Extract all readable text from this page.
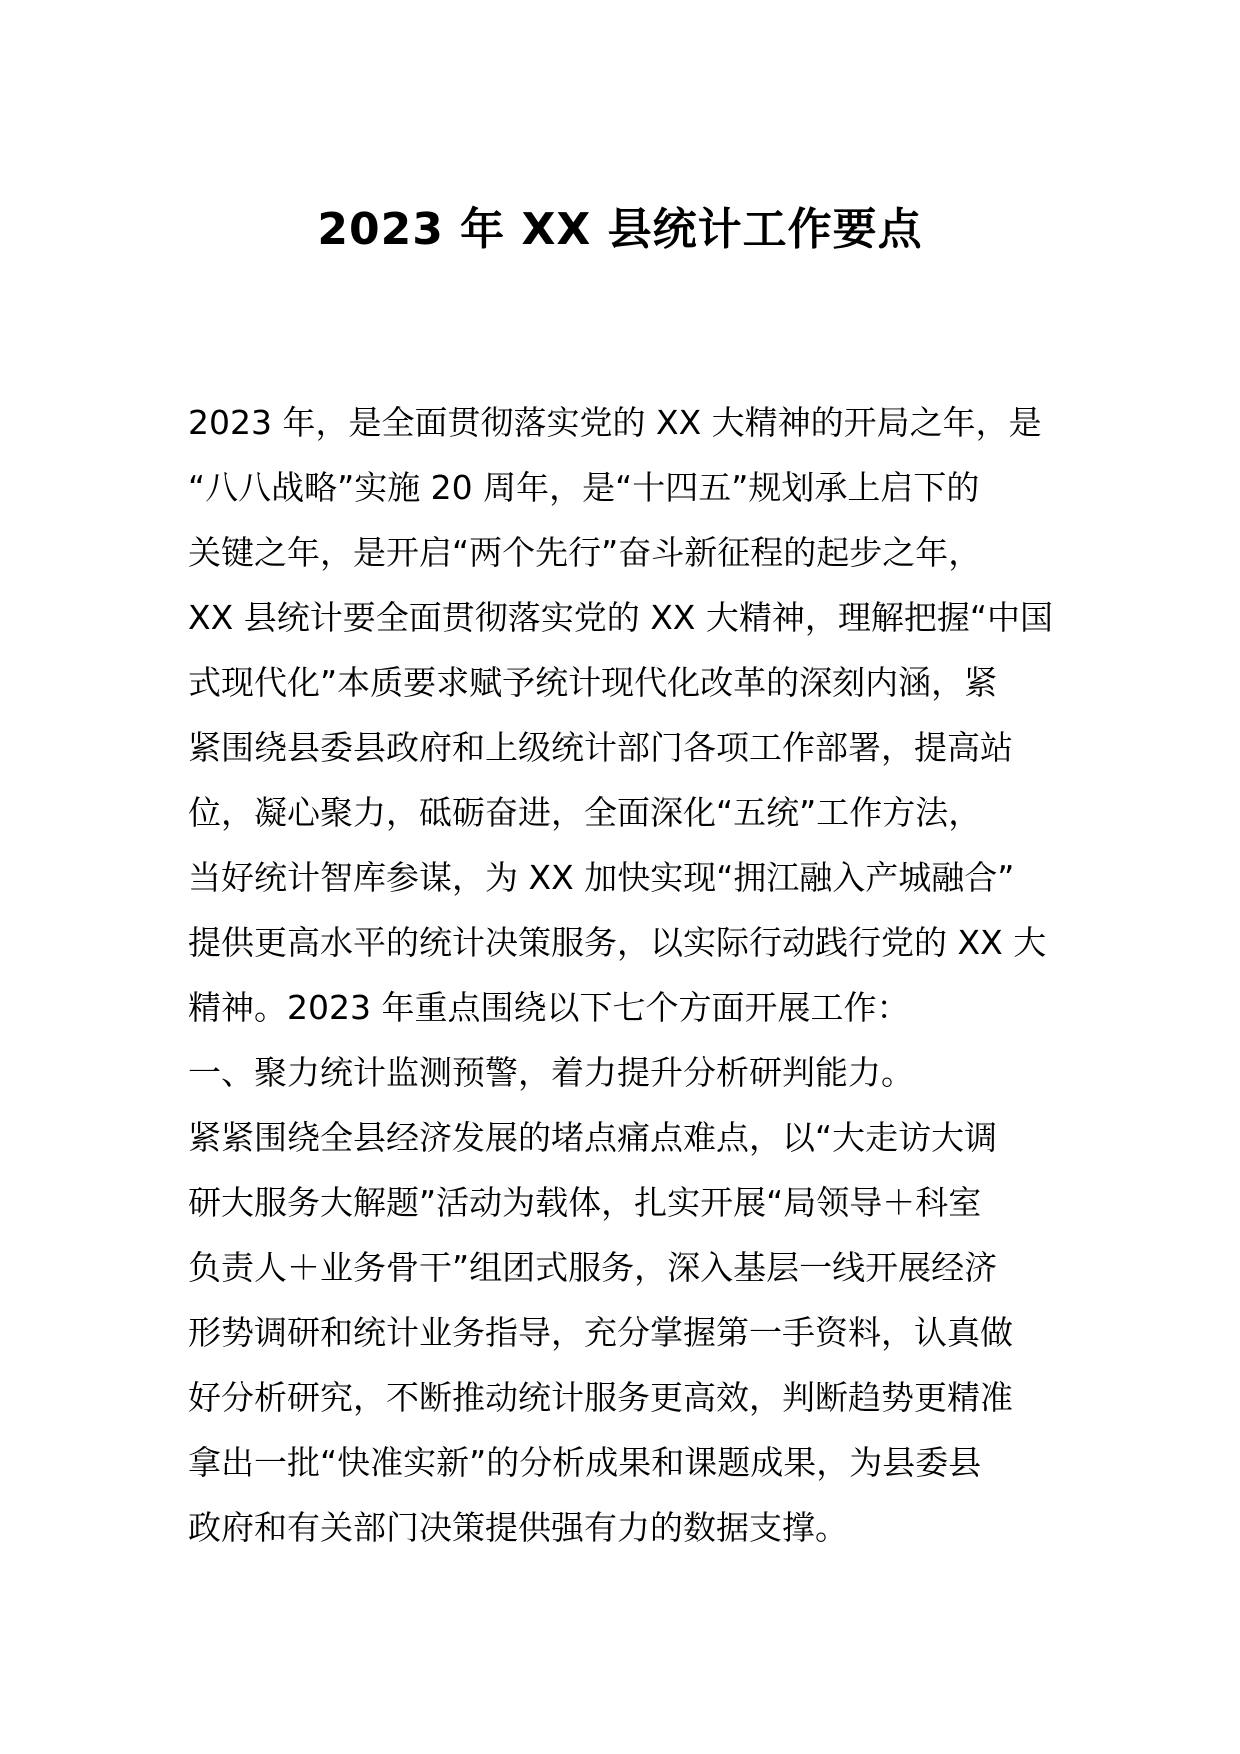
2023 年 XX 县统计工作要点
2023 年，是全面贯彻落实党的 XX 大精神的开局之年，是
“八八战略”实施 20 周年，是“十四五”规划承上启下的
关键之年，是开启“两个先行”奋斗新征程的起步之年，
XX 县统计要全面贯彻落实党的 XX 大精神，理解把握“中国
式现代化”本质要求赋予统计现代化改革的深刻内涵，紧
紧围绕县委县政府和上级统计部门各项工作部署，提高站
位，凝心聚力，砥砺奋进，全面深化“五统”工作方法，
当好统计智库参谋，为 XX 加快实现“拥江融入产城融合”
提供更高水平的统计决策服务，以实际行动践行党的 XX 大
精神。2023 年重点围绕以下七个方面开展工作：
一、聚力统计监测预警，着力提升分析研判能力。
紧紧围绕全县经济发展的堵点痛点难点，以“大走访大调
研大服务大解题”活动为载体，扎实开展“局领导＋科室
负责人＋业务骨干”组团式服务，深入基层一线开展经济
形势调研和统计业务指导，充分掌握第一手资料，认真做
好分析研究，不断推动统计服务更高效，判断趋势更精准
拿出一批“快准实新”的分析成果和课题成果，为县委县
政府和有关部门决策提供强有力的数据支撑。
